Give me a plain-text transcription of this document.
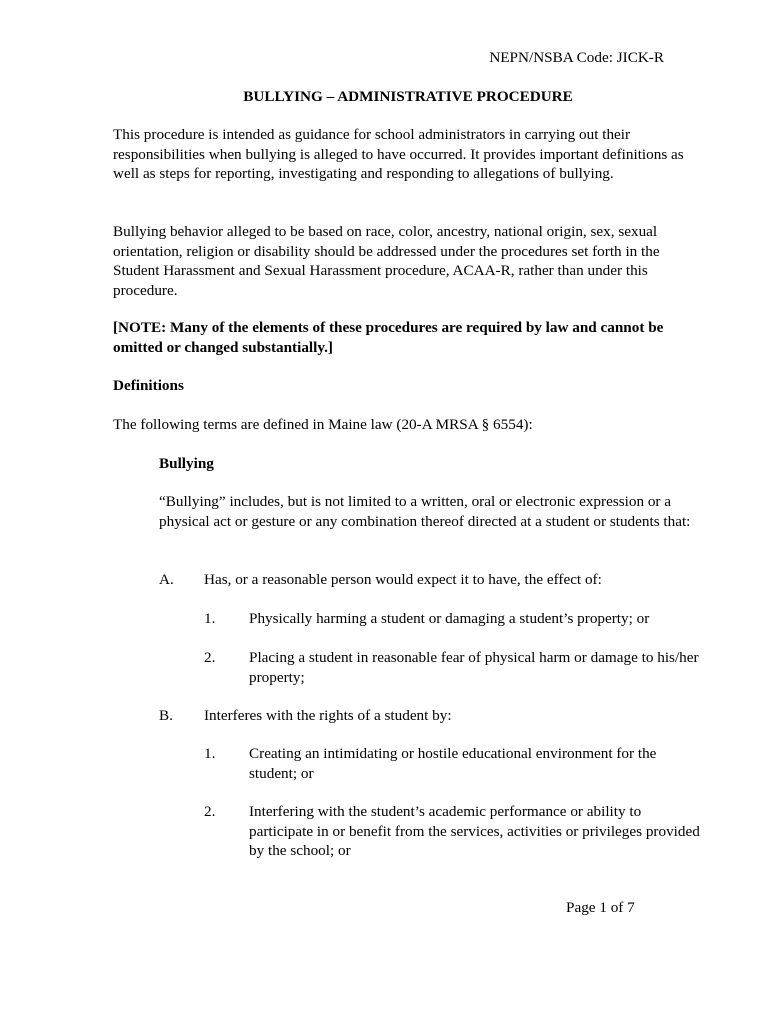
NEPN/NSBA Code: JICK-R
BULLYING – ADMINISTRATIVE PROCEDURE

This procedure is intended as guidance for school administrators in carrying out their responsibilities when bullying is alleged to have occurred. It provides important definitions as well as steps for reporting, investigating and responding to allegations of bullying.

Bullying behavior alleged to be based on race, color, ancestry, national origin, sex, sexual orientation, religion or disability should be addressed under the procedures set forth in the Student Harassment and Sexual Harassment procedure, ACAA-R, rather than under this procedure.

[NOTE: Many of the elements of these procedures are required by law and cannot be omitted or changed substantially.]

Definitions
The following terms are defined in Maine law (20-A MRSA § 6554):
Bullying
“Bullying” includes, but is not limited to a written, oral or electronic expression or a physical act or gesture or any combination thereof directed at a student or students that:
A. Has, or a reasonable person would expect it to have, the effect of:
1. Physically harming a student or damaging a student’s property; or
2. Placing a student in reasonable fear of physical harm or damage to his/her property;
B. Interferes with the rights of a student by:
1. Creating an intimidating or hostile educational environment for the student; or
2. Interfering with the student’s academic performance or ability to participate in or benefit from the services, activities or privileges provided by the school; or
Page 1 of 7
